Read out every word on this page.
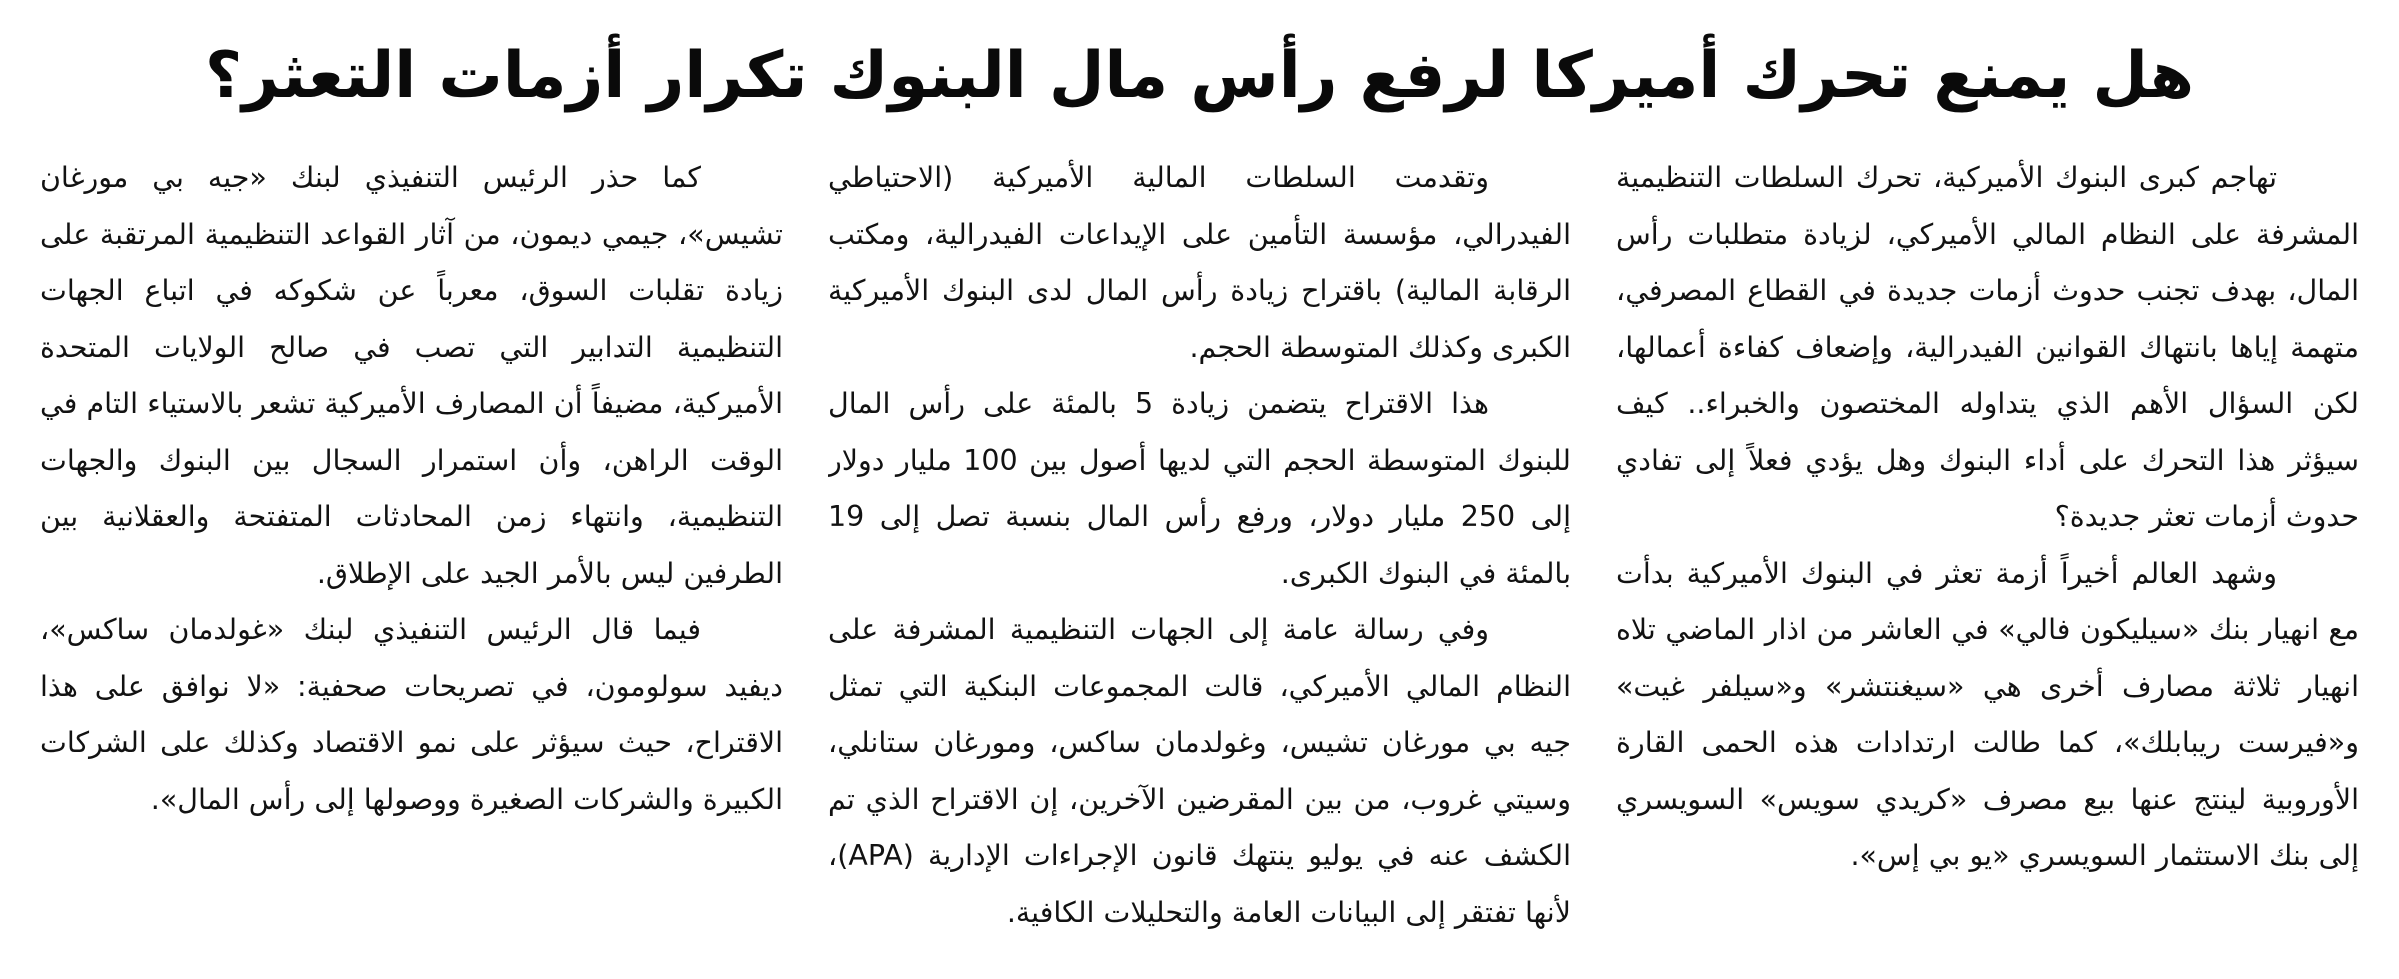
هل يمنع تحرك أميركا لرفع رأس مال البنوك تكرار أزمات التعثر؟

تهاجم كبرى البنوك الأميركية، تحرك السلطات التنظيمية المشرفة على النظام المالي الأميركي، لزيادة متطلبات رأس المال، بهدف تجنب حدوث أزمات جديدة في القطاع المصرفي، متهمة إياها بانتهاك القوانين الفيدرالية، وإضعاف كفاءة أعمالها، لكن السؤال الأهم الذي يتداوله المختصون والخبراء.. كيف سيؤثر هذا التحرك على أداء البنوك وهل يؤدي فعلاً إلى تفادي حدوث أزمات تعثر جديدة؟

وشهد العالم أخيراً أزمة تعثر في البنوك الأميركية بدأت مع انهيار بنك «سيليكون فالي» في العاشر من اذار الماضي تلاه انهيار ثلاثة مصارف أخرى هي «سيغنتشر» و«سيلفر غيت» و«فيرست ريبابلك»، كما طالت ارتدادات هذه الحمى القارة الأوروبية لينتج عنها بيع مصرف «كريدي سويس» السويسري إلى بنك الاستثمار السويسري «يو بي إس».

وتقدمت السلطات المالية الأميركية (الاحتياطي الفيدرالي، مؤسسة التأمين على الإيداعات الفيدرالية، ومكتب الرقابة المالية) باقتراح زيادة رأس المال لدى البنوك الأميركية الكبرى وكذلك المتوسطة الحجم.

هذا الاقتراح يتضمن زيادة 5 بالمئة على رأس المال للبنوك المتوسطة الحجم التي لديها أصول بين 100 مليار دولار إلى 250 مليار دولار، ورفع رأس المال بنسبة تصل إلى 19 بالمئة في البنوك الكبرى.

وفي رسالة عامة إلى الجهات التنظيمية المشرفة على النظام المالي الأميركي، قالت المجموعات البنكية التي تمثل جيه بي مورغان تشيس، وغولدمان ساكس، ومورغان ستانلي، وسيتي غروب، من بين المقرضين الآخرين، إن الاقتراح الذي تم الكشف عنه في يوليو ينتهك قانون الإجراءات الإدارية (APA)، لأنها تفتقر إلى البيانات العامة والتحليلات الكافية.

كما حذر الرئيس التنفيذي لبنك «جيه بي مورغان تشيس»، جيمي ديمون، من آثار القواعد التنظيمية المرتقبة على زيادة تقلبات السوق، معرباً عن شكوكه في اتباع الجهات التنظيمية التدابير التي تصب في صالح الولايات المتحدة الأميركية، مضيفاً أن المصارف الأميركية تشعر بالاستياء التام في الوقت الراهن، وأن استمرار السجال بين البنوك والجهات التنظيمية، وانتهاء زمن المحادثات المتفتحة والعقلانية بين الطرفين ليس بالأمر الجيد على الإطلاق.

فيما قال الرئيس التنفيذي لبنك «غولدمان ساكس»، ديفيد سولومون، في تصريحات صحفية: «لا نوافق على هذا الاقتراح، حيث سيؤثر على نمو الاقتصاد وكذلك على الشركات الكبيرة والشركات الصغيرة ووصولها إلى رأس المال».
